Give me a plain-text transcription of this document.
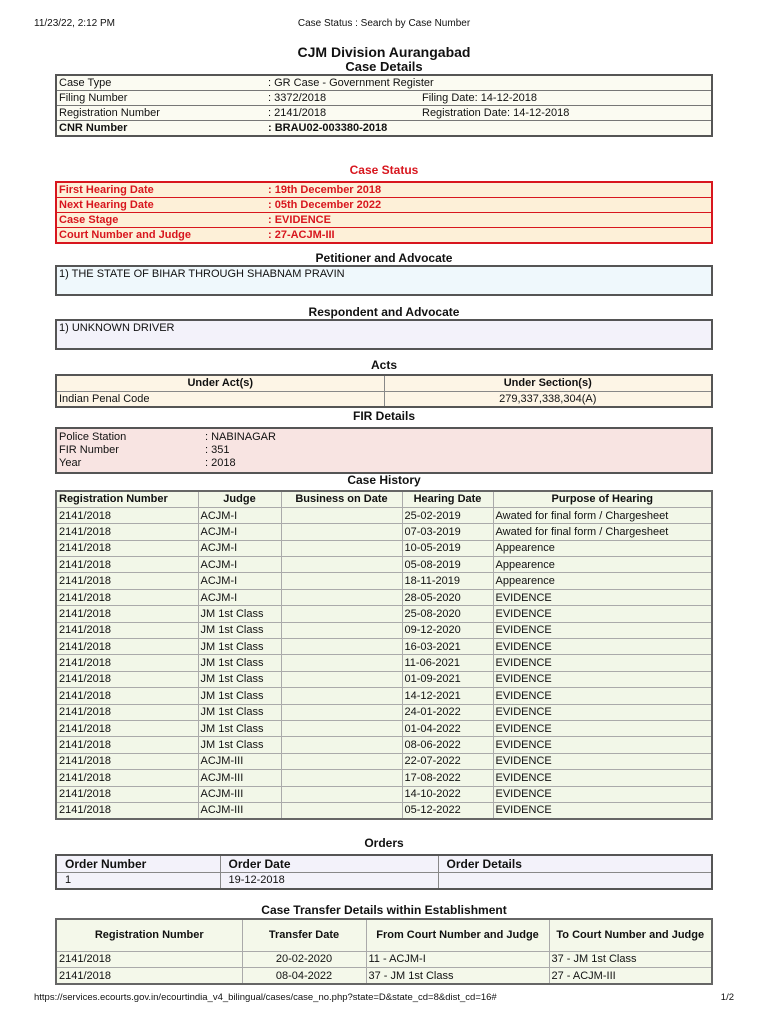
11/23/22, 2:12 PM	Case Status : Search by Case Number
CJM Division Aurangabad
Case Details
Case Type	: GR Case - Government Register	
Filing Number	: 3372/2018	Filing Date: 14-12-2018
Registration Number	: 2141/2018	Registration Date: 14-12-2018
CNR Number	: BRAU02-003380-2018	
Case Status
First Hearing Date	: 19th December 2018
Next Hearing Date	: 05th December 2022
Case Stage	: EVIDENCE
Court Number and Judge	: 27-ACJM-III
Petitioner and Advocate
1) THE STATE OF BIHAR THROUGH SHABNAM PRAVIN
Respondent and Advocate
1) UNKNOWN DRIVER
Acts
Under Act(s)	Under Section(s)
Indian Penal Code	279,337,338,304(A)
FIR Details
Police Station	: NABINAGAR
FIR Number	: 351
Year	: 2018
Case History
Registration Number	Judge	Business on Date	Hearing Date	Purpose of Hearing
2141/2018	ACJM-I		25-02-2019	Awated for final form / Chargesheet
2141/2018	ACJM-I		07-03-2019	Awated for final form / Chargesheet
2141/2018	ACJM-I		10-05-2019	Appearence
2141/2018	ACJM-I		05-08-2019	Appearence
2141/2018	ACJM-I		18-11-2019	Appearence
2141/2018	ACJM-I		28-05-2020	EVIDENCE
2141/2018	JM 1st Class		25-08-2020	EVIDENCE
2141/2018	JM 1st Class		09-12-2020	EVIDENCE
2141/2018	JM 1st Class		16-03-2021	EVIDENCE
2141/2018	JM 1st Class		11-06-2021	EVIDENCE
2141/2018	JM 1st Class		01-09-2021	EVIDENCE
2141/2018	JM 1st Class		14-12-2021	EVIDENCE
2141/2018	JM 1st Class		24-01-2022	EVIDENCE
2141/2018	JM 1st Class		01-04-2022	EVIDENCE
2141/2018	JM 1st Class		08-06-2022	EVIDENCE
2141/2018	ACJM-III		22-07-2022	EVIDENCE
2141/2018	ACJM-III		17-08-2022	EVIDENCE
2141/2018	ACJM-III		14-10-2022	EVIDENCE
2141/2018	ACJM-III		05-12-2022	EVIDENCE
Orders
Order Number	Order Date	Order Details
1	19-12-2018	
Case Transfer Details within Establishment
Registration Number	Transfer Date	From Court Number and Judge	To Court Number and Judge
2141/2018	20-02-2020	11 - ACJM-I	37 - JM 1st Class
2141/2018	08-04-2022	37 - JM 1st Class	27 - ACJM-III
https://services.ecourts.gov.in/ecourtindia_v4_bilingual/cases/case_no.php?state=D&state_cd=8&dist_cd=16#	1/2
